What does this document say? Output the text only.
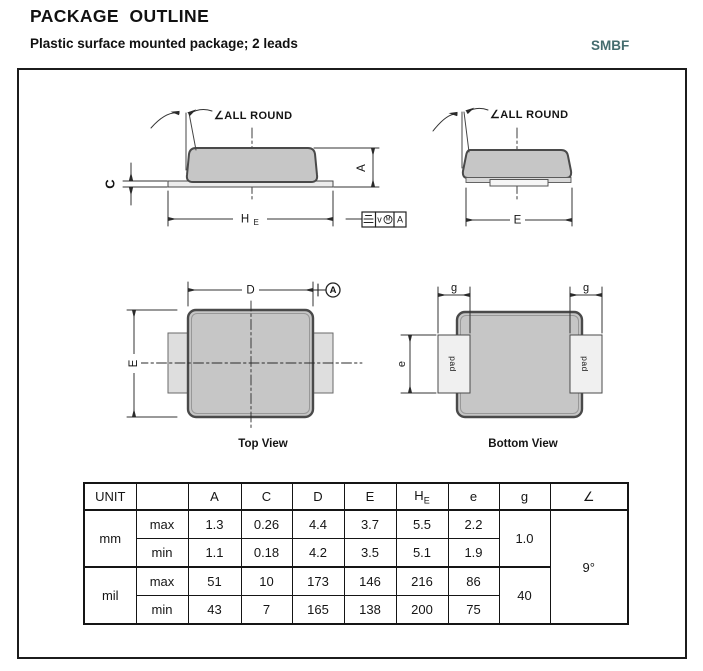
PACKAGE  OUTLINE
Plastic surface mounted package; 2 leads	SMBF
∠ALL ROUND
A
C
H E	v M A
∠ALL ROUND
E
D	A
E
Top View
pad	pad
g	g
e
Bottom View
UNIT		A	C	D	E	$H_E$	e	g	∠
mm	max	1.3	0.26	4.4	3.7	5.5	2.2	1.0	9°
	min	1.1	0.18	4.2	3.5	5.1	1.9		
mil	max	51	10	173	146	216	86	40	
	min	43	7	165	138	200	75		
